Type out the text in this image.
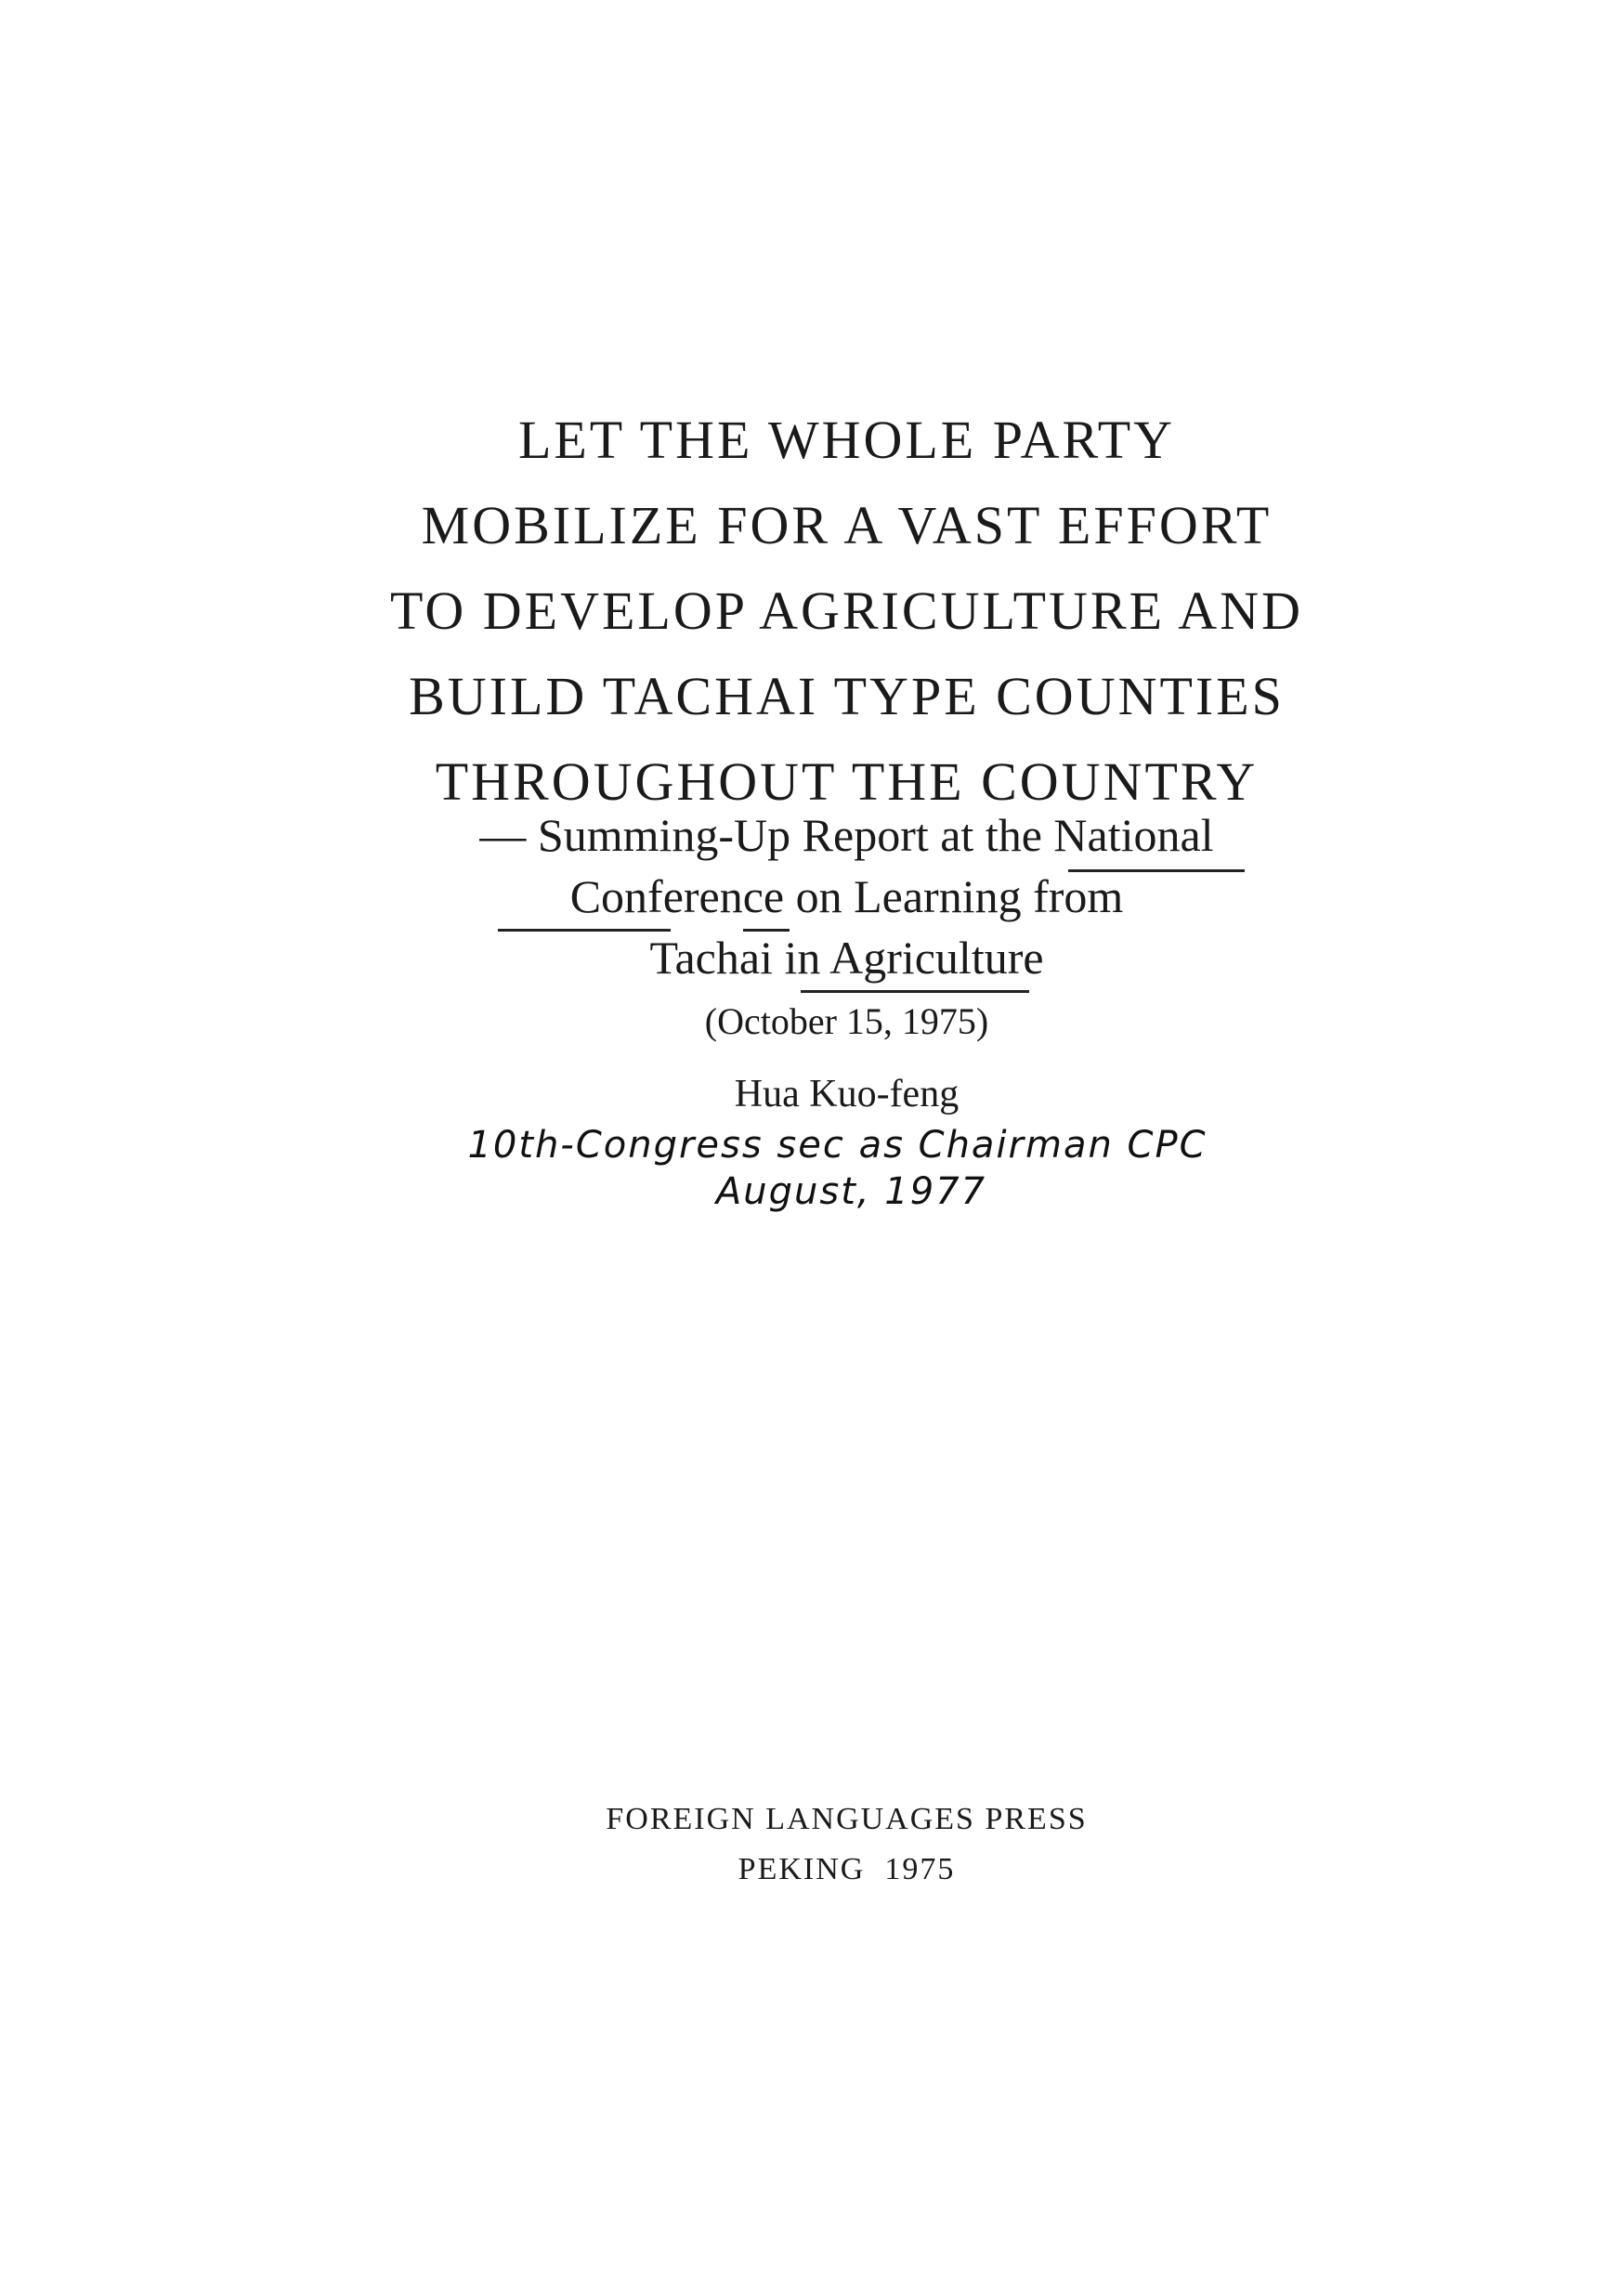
LET THE WHOLE PARTY
MOBILIZE FOR A VAST EFFORT
TO DEVELOP AGRICULTURE AND
BUILD TACHAI TYPE COUNTIES
THROUGHOUT THE COUNTRY
— Summing-Up Report at the National
Conference on Learning from
Tachai in Agriculture
(October 15, 1975)
Hua Kuo-feng
10th-Congress sec as Chairman CPC
August, 1977
FOREIGN LANGUAGES PRESS
PEKING  1975
